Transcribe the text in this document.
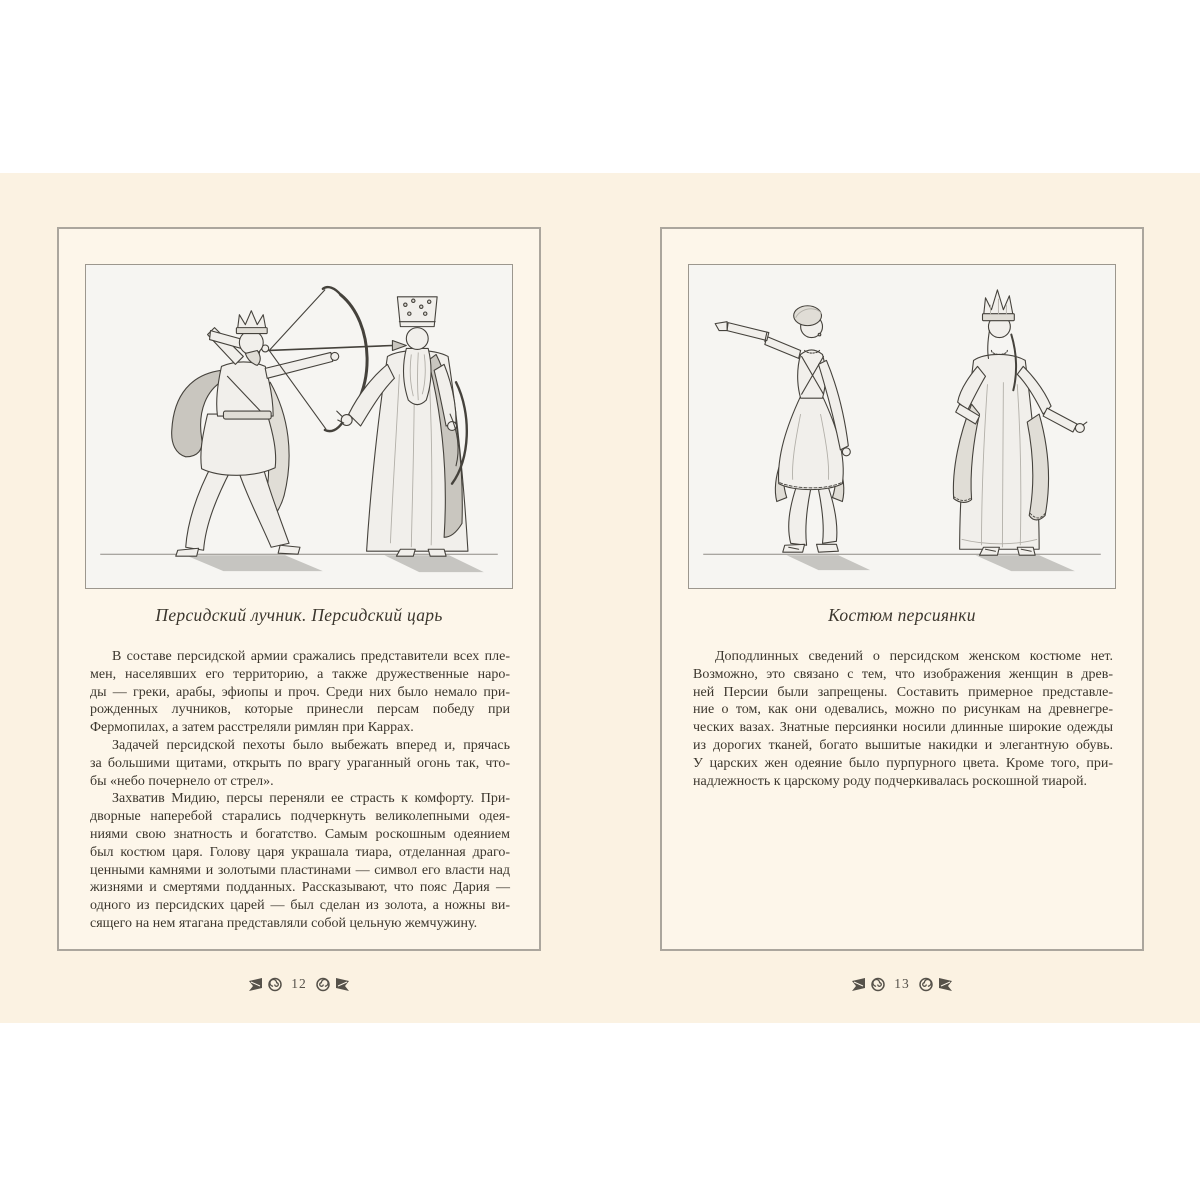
Персидский лучник. Персидский царь
В составе персидской армии сражались представители всех пле-
мен, населявших его территорию, а также дружественные наро-
ды — греки, арабы, эфиопы и проч. Среди них было немало при-
рожденных лучников, которые принесли персам победу при
Фермопилах, а затем расстреляли римлян при Каррах.
Задачей персидской пехоты было выбежать вперед и, прячась
за большими щитами, открыть по врагу ураганный огонь так, что-
бы «небо почернело от стрел».
Захватив Мидию, персы переняли ее страсть к комфорту. При-
дворные наперебой старались подчеркнуть великолепными одея-
ниями свою знатность и богатство. Самым роскошным одеянием
был костюм царя. Голову царя украшала тиара, отделанная драго-
ценными камнями и золотыми пластинами — символ его власти над
жизнями и смертями подданных. Рассказывают, что пояс Дария —
одного из персидских царей — был сделан из золота, а ножны ви-
сящего на нем ятагана представляли собой цельную жемчужину.
12
Костюм персиянки
Доподлинных сведений о персидском женском костюме нет.
Возможно, это связано с тем, что изображения женщин в древ-
ней Персии были запрещены. Составить примерное представле-
ние о том, как они одевались, можно по рисункам на древнегре-
ческих вазах. Знатные персиянки носили длинные широкие одежды
из дорогих тканей, богато вышитые накидки и элегантную обувь.
У царских жен одеяние было пурпурного цвета. Кроме того, при-
надлежность к царскому роду подчеркивалась роскошной тиарой.
13
